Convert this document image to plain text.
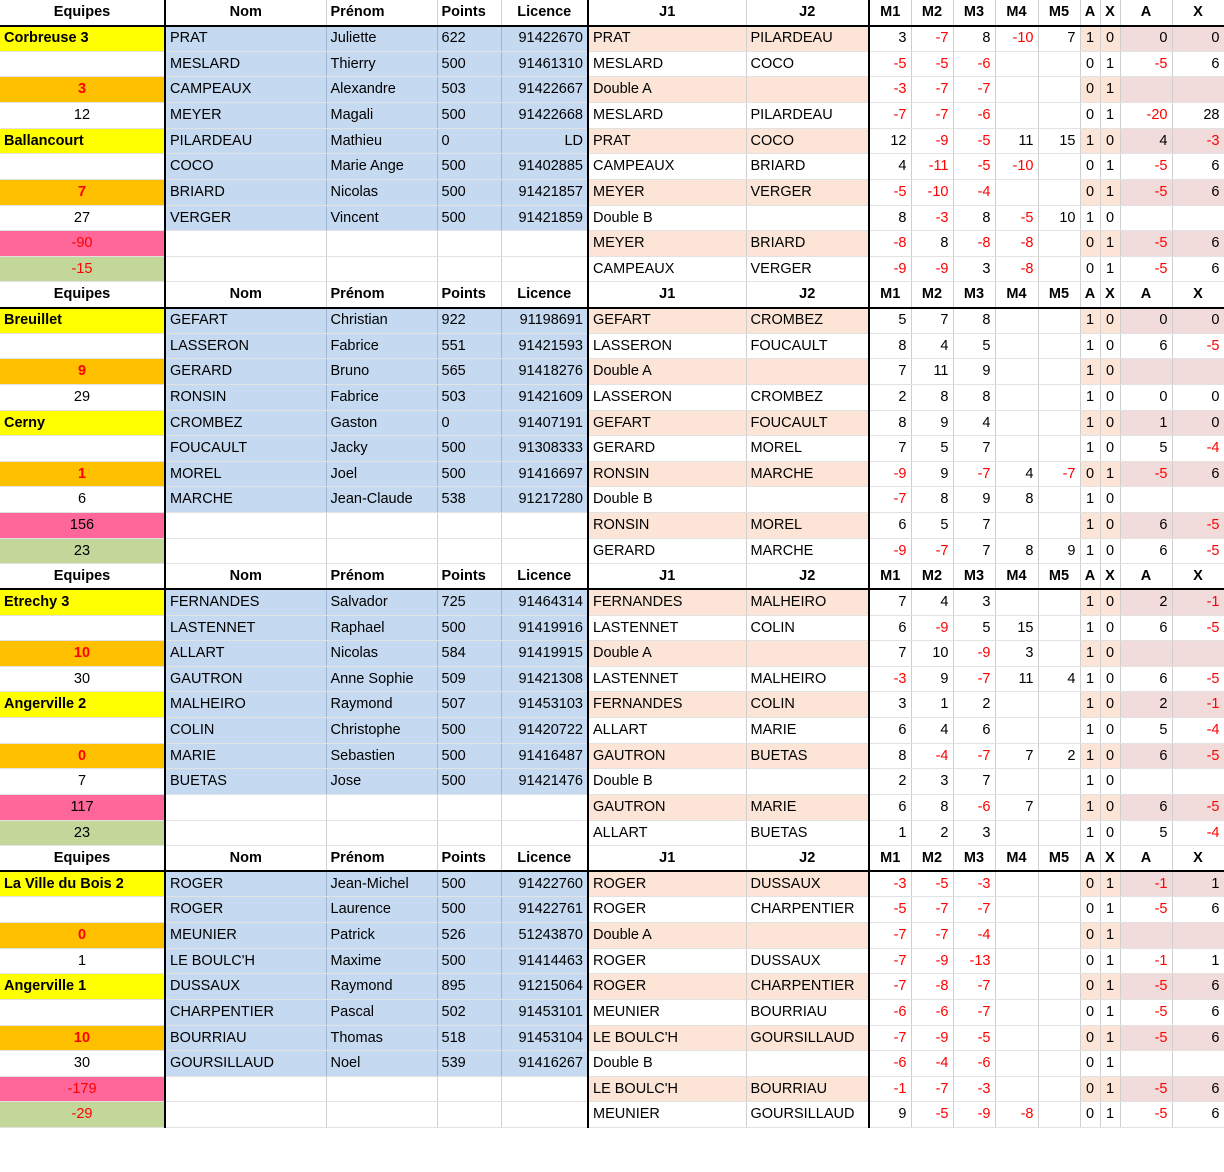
Equipes	Nom	Prénom	Points	Licence	J1	J2	M1	M2	M3	M4	M5	A	X	A	X
Corbreuse 3	PRAT	Juliette	622	91422670	PRAT	PILARDEAU	3	-7	8	-10	7	1	0	0	0
	MESLARD	Thierry	500	91461310	MESLARD	COCO	-5	-5	-6			0	1	-5	6
3	CAMPEAUX	Alexandre	503	91422667	Double A		-3	-7	-7			0	1		
12	MEYER	Magali	500	91422668	MESLARD	PILARDEAU	-7	-7	-6			0	1	-20	28
Ballancourt	PILARDEAU	Mathieu	0	LD	PRAT	COCO	12	-9	-5	11	15	1	0	4	-3
	COCO	Marie Ange	500	91402885	CAMPEAUX	BRIARD	4	-11	-5	-10		0	1	-5	6
7	BRIARD	Nicolas	500	91421857	MEYER	VERGER	-5	-10	-4			0	1	-5	6
27	VERGER	Vincent	500	91421859	Double B		8	-3	8	-5	10	1	0		
-90					MEYER	BRIARD	-8	8	-8	-8		0	1	-5	6
-15					CAMPEAUX	VERGER	-9	-9	3	-8		0	1	-5	6
Equipes	Nom	Prénom	Points	Licence	J1	J2	M1	M2	M3	M4	M5	A	X	A	X
Breuillet	GEFART	Christian	922	91198691	GEFART	CROMBEZ	5	7	8			1	0	0	0
	LASSERON	Fabrice	551	91421593	LASSERON	FOUCAULT	8	4	5			1	0	6	-5
9	GERARD	Bruno	565	91418276	Double A		7	11	9			1	0		
29	RONSIN	Fabrice	503	91421609	LASSERON	CROMBEZ	2	8	8			1	0	0	0
Cerny	CROMBEZ	Gaston	0	91407191	GEFART	FOUCAULT	8	9	4			1	0	1	0
	FOUCAULT	Jacky	500	91308333	GERARD	MOREL	7	5	7			1	0	5	-4
1	MOREL	Joel	500	91416697	RONSIN	MARCHE	-9	9	-7	4	-7	0	1	-5	6
6	MARCHE	Jean-Claude	538	91217280	Double B		-7	8	9	8		1	0		
156					RONSIN	MOREL	6	5	7			1	0	6	-5
23					GERARD	MARCHE	-9	-7	7	8	9	1	0	6	-5
Equipes	Nom	Prénom	Points	Licence	J1	J2	M1	M2	M3	M4	M5	A	X	A	X
Etrechy 3	FERNANDES	Salvador	725	91464314	FERNANDES	MALHEIRO	7	4	3			1	0	2	-1
	LASTENNET	Raphael	500	91419916	LASTENNET	COLIN	6	-9	5	15		1	0	6	-5
10	ALLART	Nicolas	584	91419915	Double A		7	10	-9	3		1	0		
30	GAUTRON	Anne Sophie	509	91421308	LASTENNET	MALHEIRO	-3	9	-7	11	4	1	0	6	-5
Angerville 2	MALHEIRO	Raymond	507	91453103	FERNANDES	COLIN	3	1	2			1	0	2	-1
	COLIN	Christophe	500	91420722	ALLART	MARIE	6	4	6			1	0	5	-4
0	MARIE	Sebastien	500	91416487	GAUTRON	BUETAS	8	-4	-7	7	2	1	0	6	-5
7	BUETAS	Jose	500	91421476	Double B		2	3	7			1	0		
117					GAUTRON	MARIE	6	8	-6	7		1	0	6	-5
23					ALLART	BUETAS	1	2	3			1	0	5	-4
Equipes	Nom	Prénom	Points	Licence	J1	J2	M1	M2	M3	M4	M5	A	X	A	X
La Ville du Bois 2	ROGER	Jean-Michel	500	91422760	ROGER	DUSSAUX	-3	-5	-3			0	1	-1	1
	ROGER	Laurence	500	91422761	ROGER	CHARPENTIER	-5	-7	-7			0	1	-5	6
0	MEUNIER	Patrick	526	51243870	Double A		-7	-7	-4			0	1		
1	LE BOULC'H	Maxime	500	91414463	ROGER	DUSSAUX	-7	-9	-13			0	1	-1	1
Angerville 1	DUSSAUX	Raymond	895	91215064	ROGER	CHARPENTIER	-7	-8	-7			0	1	-5	6
	CHARPENTIER	Pascal	502	91453101	MEUNIER	BOURRIAU	-6	-6	-7			0	1	-5	6
10	BOURRIAU	Thomas	518	91453104	LE BOULC'H	GOURSILLAUD	-7	-9	-5			0	1	-5	6
30	GOURSILLAUD	Noel	539	91416267	Double B		-6	-4	-6			0	1		
-179					LE BOULC'H	BOURRIAU	-1	-7	-3			0	1	-5	6
-29					MEUNIER	GOURSILLAUD	9	-5	-9	-8		0	1	-5	6
